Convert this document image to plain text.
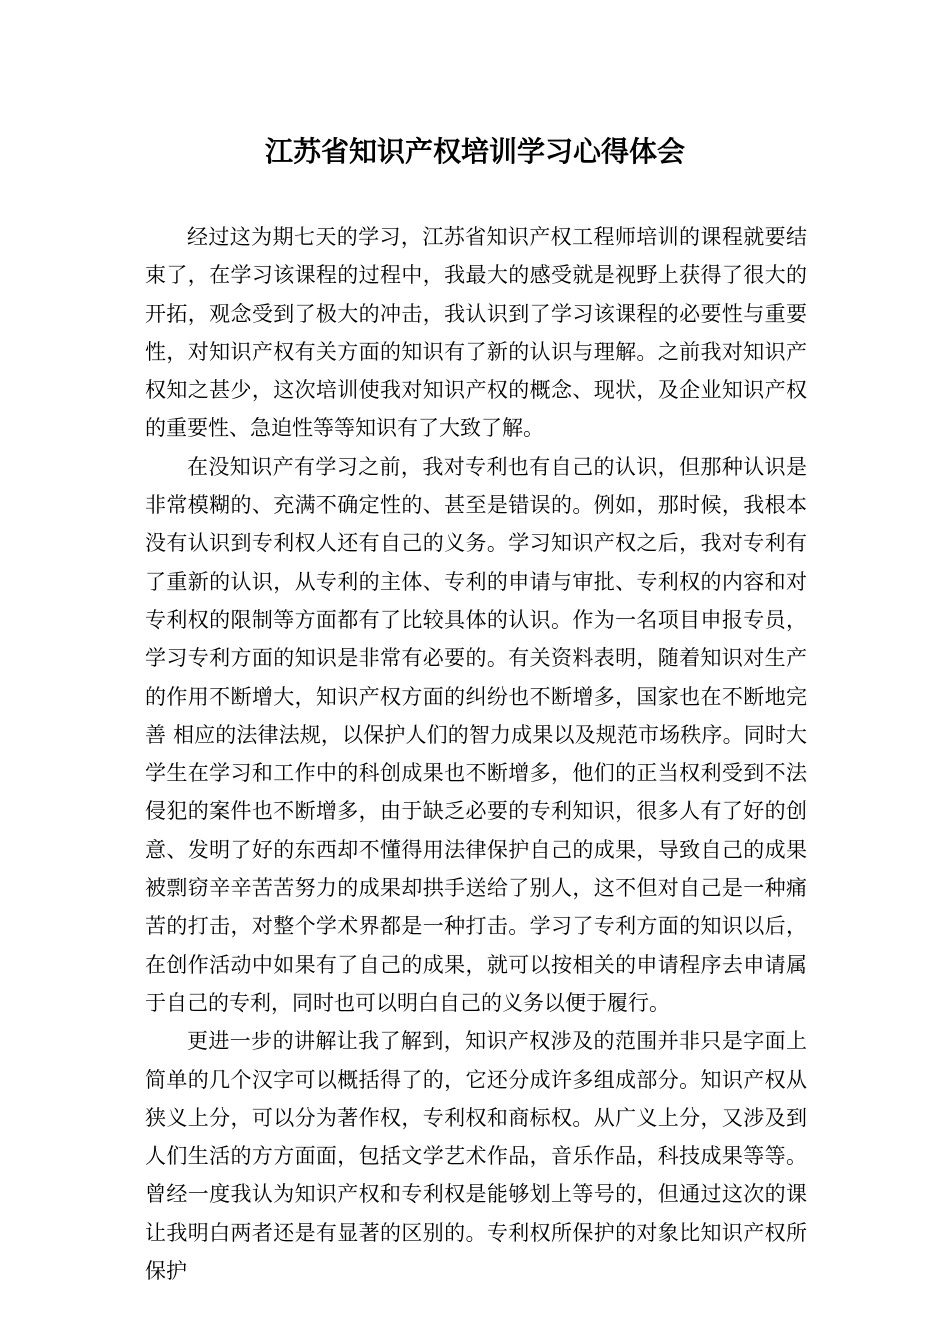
江苏省知识产权培训学习心得体会

经过这为期七天的学习，江苏省知识产权工程师培训的课程就要结束了，在学习该课程的过程中，我最大的感受就是视野上获得了很大的开拓，观念受到了极大的冲击，我认识到了学习该课程的必要性与重要性，对知识产权有关方面的知识有了新的认识与理解。之前我对知识产权知之甚少，这次培训使我对知识产权的概念、现状，及企业知识产权的重要性、急迫性等等知识有了大致了解。

在没知识产有学习之前，我对专利也有自己的认识，但那种认识是非常模糊的、充满不确定性的、甚至是错误的。例如，那时候，我根本没有认识到专利权人还有自己的义务。学习知识产权之后，我对专利有了重新的认识，从专利的主体、专利的申请与审批、专利权的内容和对专利权的限制等方面都有了比较具体的认识。作为一名项目申报专员，学习专利方面的知识是非常有必要的。有关资料表明，随着知识对生产的作用不断增大，知识产权方面的纠纷也不断增多，国家也在不断地完善 相应的法律法规，以保护人们的智力成果以及规范市场秩序。同时大学生在学习和工作中的科创成果也不断增多，他们的正当权利受到不法侵犯的案件也不断增多，由于缺乏必要的专利知识，很多人有了好的创意、发明了好的东西却不懂得用法律保护自己的成果，导致自己的成果被剽窃辛辛苦苦努力的成果却拱手送给了别人，这不但对自己是一种痛苦的打击，对整个学术界都是一种打击。学习了专利方面的知识以后，在创作活动中如果有了自己的成果，就可以按相关的申请程序去申请属于自己的专利，同时也可以明白自己的义务以便于履行。

更进一步的讲解让我了解到，知识产权涉及的范围并非只是字面上简单的几个汉字可以概括得了的，它还分成许多组成部分。知识产权从狭义上分，可以分为著作权，专利权和商标权。从广义上分，又涉及到人们生活的方方面面，包括文学艺术作品，音乐作品，科技成果等等。曾经一度我认为知识产权和专利权是能够划上等号的，但通过这次的课让我明白两者还是有显著的区别的。专利权所保护的对象比知识产权所保护
